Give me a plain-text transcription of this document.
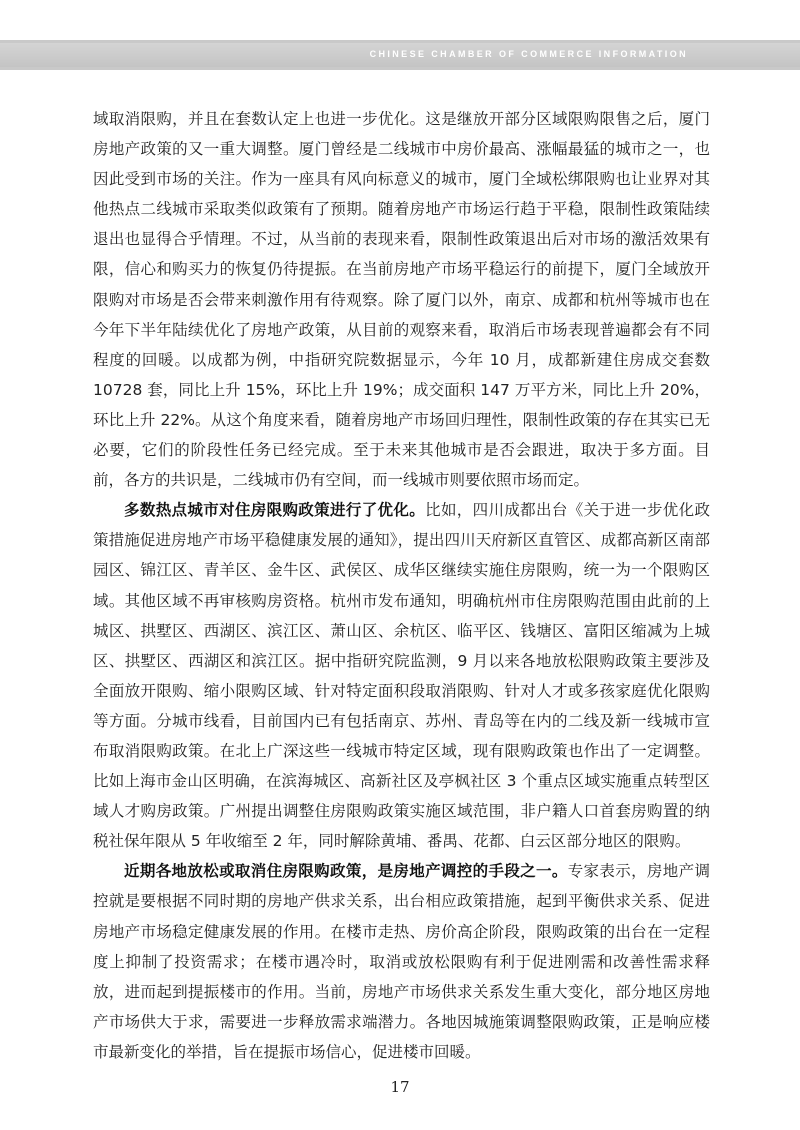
CHINESE CHAMBER OF COMMERCE INFORMATION

域取消限购，并且在套数认定上也进一步优化。这是继放开部分区域限购限售之后，厦门房地产政策的又一重大调整。厦门曾经是二线城市中房价最高、涨幅最猛的城市之一，也因此受到市场的关注。作为一座具有风向标意义的城市，厦门全域松绑限购也让业界对其他热点二线城市采取类似政策有了预期。随着房地产市场运行趋于平稳，限制性政策陆续退出也显得合乎情理。不过，从当前的表现来看，限制性政策退出后对市场的激活效果有限，信心和购买力的恢复仍待提振。在当前房地产市场平稳运行的前提下，厦门全域放开限购对市场是否会带来刺激作用有待观察。除了厦门以外，南京、成都和杭州等城市也在今年下半年陆续优化了房地产政策，从目前的观察来看，取消后市场表现普遍都会有不同程度的回暖。以成都为例，中指研究院数据显示，今年 10 月，成都新建住房成交套数 10728 套，同比上升 15%，环比上升 19%；成交面积 147 万平方米，同比上升 20%，环比上升 22%。从这个角度来看，随着房地产市场回归理性，限制性政策的存在其实已无必要，它们的阶段性任务已经完成。至于未来其他城市是否会跟进，取决于多方面。目前，各方的共识是，二线城市仍有空间，而一线城市则要依照市场而定。

多数热点城市对住房限购政策进行了优化。比如，四川成都出台《关于进一步优化政策措施促进房地产市场平稳健康发展的通知》，提出四川天府新区直管区、成都高新区南部园区、锦江区、青羊区、金牛区、武侯区、成华区继续实施住房限购，统一为一个限购区域。其他区域不再审核购房资格。杭州市发布通知，明确杭州市住房限购范围由此前的上城区、拱墅区、西湖区、滨江区、萧山区、余杭区、临平区、钱塘区、富阳区缩减为上城区、拱墅区、西湖区和滨江区。据中指研究院监测，9 月以来各地放松限购政策主要涉及全面放开限购、缩小限购区域、针对特定面积段取消限购、针对人才或多孩家庭优化限购等方面。分城市线看，目前国内已有包括南京、苏州、青岛等在内的二线及新一线城市宣布取消限购政策。在北上广深这些一线城市特定区域，现有限购政策也作出了一定调整。比如上海市金山区明确，在滨海城区、高新社区及亭枫社区 3 个重点区域实施重点转型区域人才购房政策。广州提出调整住房限购政策实施区域范围，非户籍人口首套房购置的纳税社保年限从 5 年收缩至 2 年，同时解除黄埔、番禺、花都、白云区部分地区的限购。

近期各地放松或取消住房限购政策，是房地产调控的手段之一。专家表示，房地产调控就是要根据不同时期的房地产供求关系，出台相应政策措施，起到平衡供求关系、促进房地产市场稳定健康发展的作用。在楼市走热、房价高企阶段，限购政策的出台在一定程度上抑制了投资需求；在楼市遇冷时，取消或放松限购有利于促进刚需和改善性需求释放，进而起到提振楼市的作用。当前，房地产市场供求关系发生重大变化，部分地区房地产市场供大于求，需要进一步释放需求端潜力。各地因城施策调整限购政策，正是响应楼市最新变化的举措，旨在提振市场信心，促进楼市回暖。

17
